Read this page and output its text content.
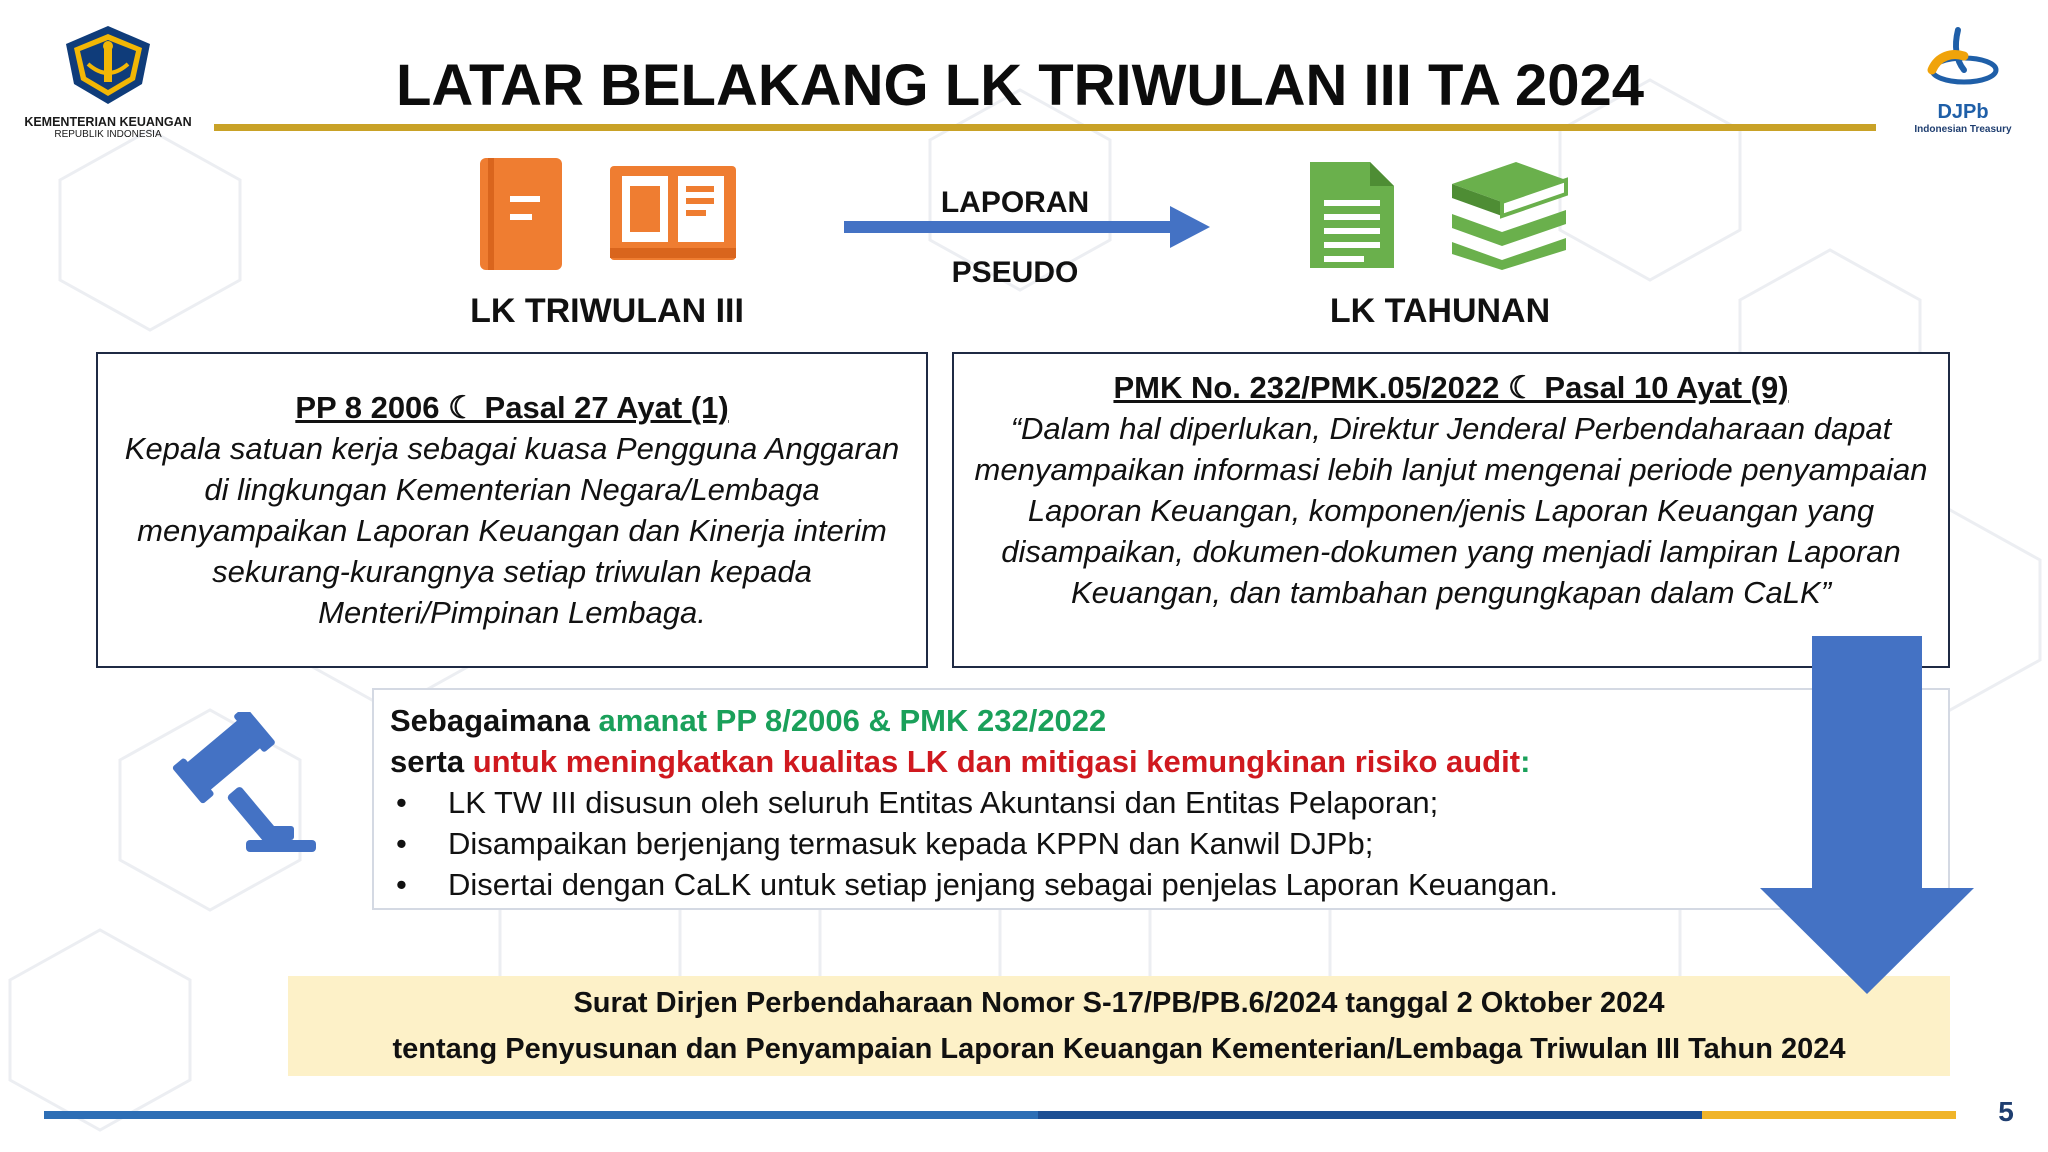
KEMENTERIAN KEUANGAN
REPUBLIK INDONESIA
LATAR BELAKANG LK TRIWULAN III TA 2024	DJPb
Indonesian Treasury
LAPORAN
PSEUDO
LK TRIWULAN III	LK TAHUNAN
PP 8 2006 ☾ Pasal 27 Ayat (1)
Kepala satuan kerja sebagai kuasa Pengguna Anggaran di lingkungan Kementerian Negara/Lembaga menyampaikan Laporan Keuangan dan Kinerja interim sekurang-kurangnya setiap triwulan kepada Menteri/Pimpinan Lembaga.
PMK No. 232/PMK.05/2022 ☾ Pasal 10 Ayat (9)
“Dalam hal diperlukan, Direktur Jenderal Perbendaharaan dapat menyampaikan informasi lebih lanjut mengenai periode penyampaian Laporan Keuangan, komponen/jenis Laporan Keuangan yang disampaikan, dokumen-dokumen yang menjadi lampiran Laporan Keuangan, dan tambahan pengungkapan dalam CaLK”
Sebagaimana amanat PP 8/2006 & PMK 232/2022
serta untuk meningkatkan kualitas LK dan mitigasi kemungkinan risiko audit:
• LK TW III disusun oleh seluruh Entitas Akuntansi dan Entitas Pelaporan;
• Disampaikan berjenjang termasuk kepada KPPN dan Kanwil DJPb;
• Disertai dengan CaLK untuk setiap jenjang sebagai penjelas Laporan Keuangan.
Surat Dirjen Perbendaharaan Nomor S-17/PB/PB.6/2024 tanggal 2 Oktober 2024
tentang Penyusunan dan Penyampaian Laporan Keuangan Kementerian/Lembaga Triwulan III Tahun 2024
5
